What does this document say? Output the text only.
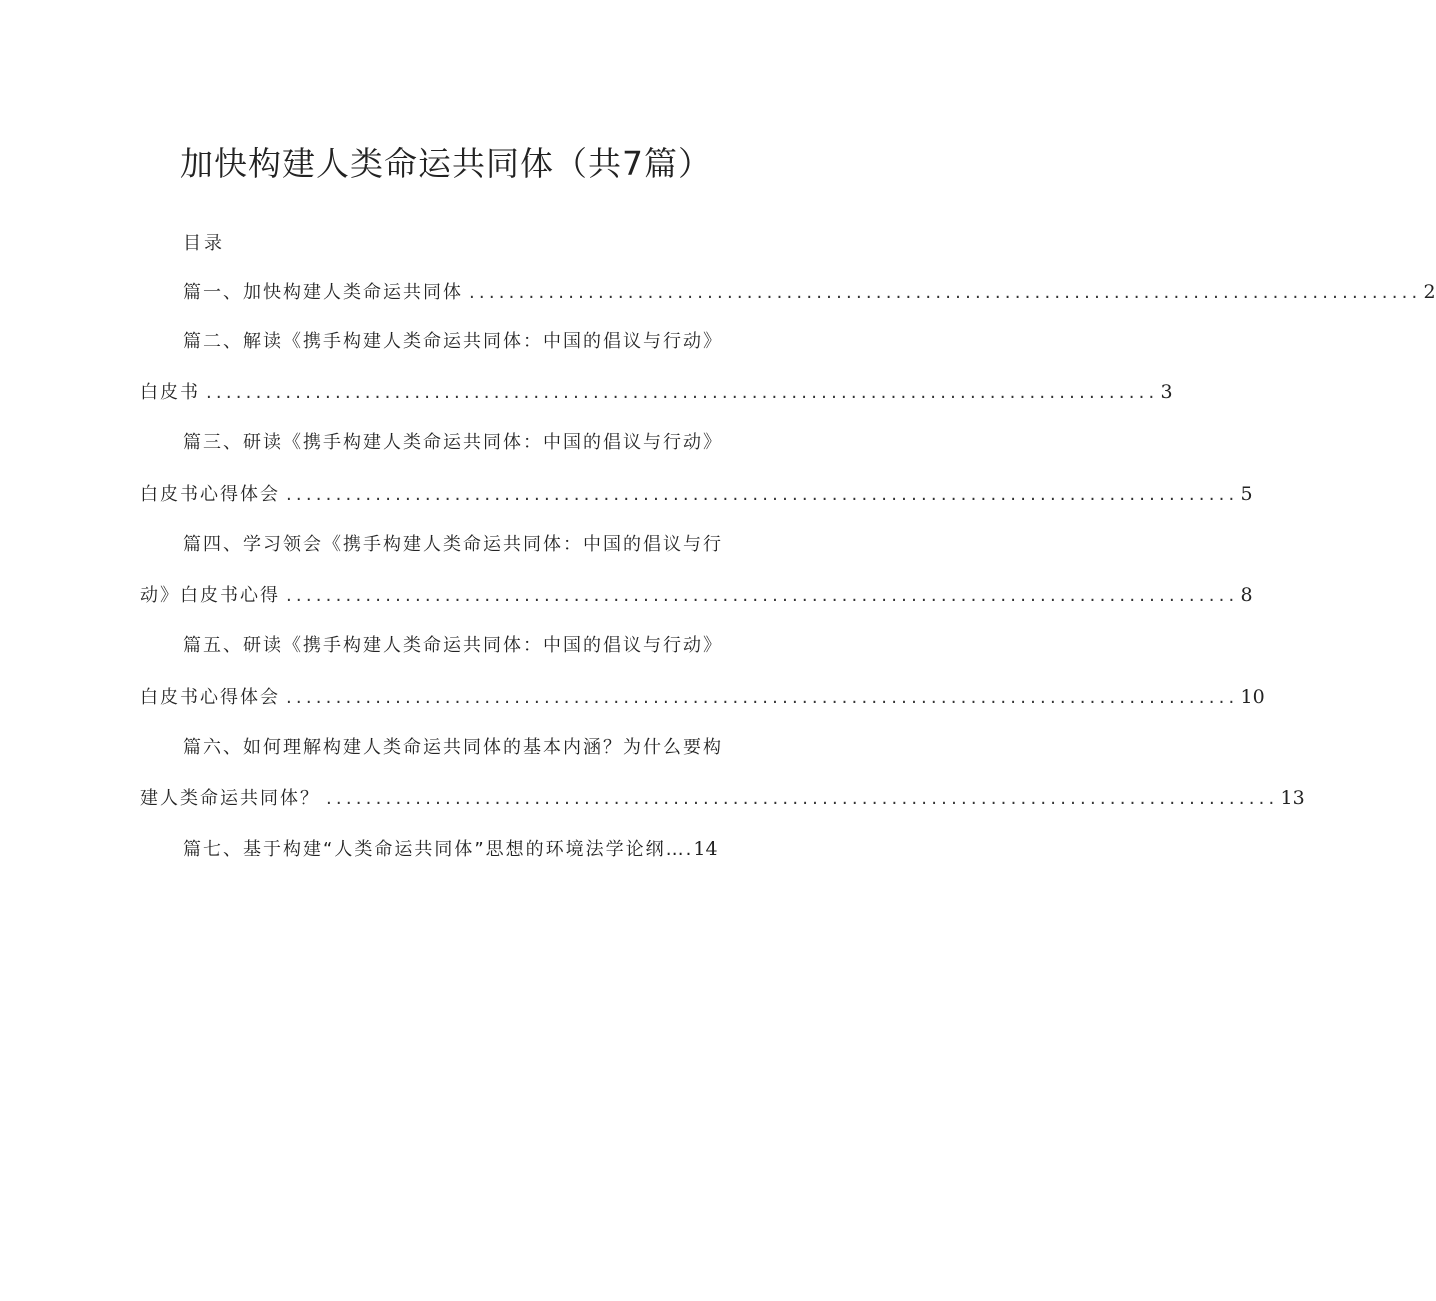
加快构建人类命运共同体（共7篇）
目录
篇一、加快构建人类命运共同体 ................................................................................................ 2
篇二、解读《携手构建人类命运共同体：中国的倡议与行动》
白皮书 ................................................................................................ 3
篇三、研读《携手构建人类命运共同体：中国的倡议与行动》
白皮书心得体会 ................................................................................................ 5
篇四、学习领会《携手构建人类命运共同体：中国的倡议与行
动》白皮书心得 ................................................................................................ 8
篇五、研读《携手构建人类命运共同体：中国的倡议与行动》
白皮书心得体会 ................................................................................................ 10
篇六、如何理解构建人类命运共同体的基本内涵？为什么要构
建人类命运共同体？ ................................................................................................ 13
篇七、基于构建“人类命运共同体”思想的环境法学论纲….14
